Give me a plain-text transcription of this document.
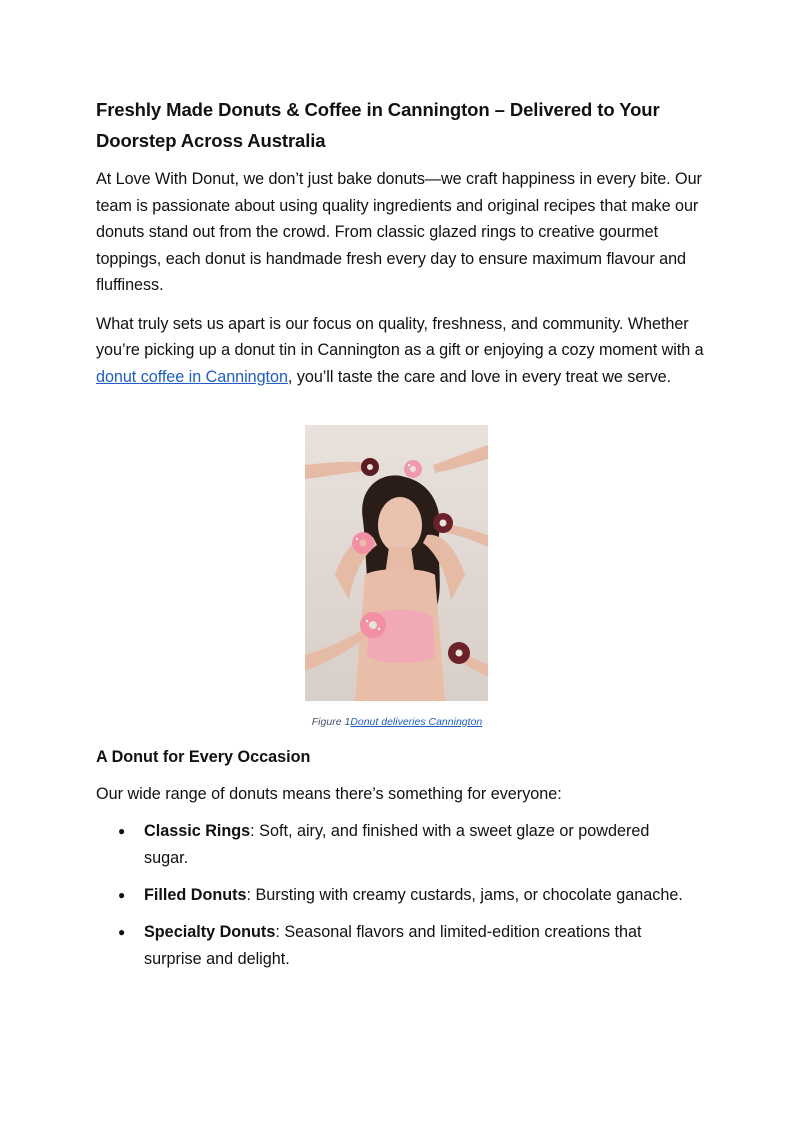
Freshly Made Donuts & Coffee in Cannington – Delivered to Your Doorstep Across Australia

At Love With Donut, we don’t just bake donuts—we craft happiness in every bite. Our team is passionate about using quality ingredients and original recipes that make our donuts stand out from the crowd. From classic glazed rings to creative gourmet toppings, each donut is handmade fresh every day to ensure maximum flavour and fluffiness.

What truly sets us apart is our focus on quality, freshness, and community. Whether you’re picking up a donut tin in Cannington as a gift or enjoying a cozy moment with a donut coffee in Cannington, you’ll taste the care and love in every treat we serve.

Figure 1Donut deliveries Cannington
A Donut for Every Occasion

Our wide range of donuts means there’s something for everyone:

● Classic Rings: Soft, airy, and finished with a sweet glaze or powdered sugar.
● Filled Donuts: Bursting with creamy custards, jams, or chocolate ganache.
● Specialty Donuts: Seasonal flavors and limited-edition creations that surprise and delight.
